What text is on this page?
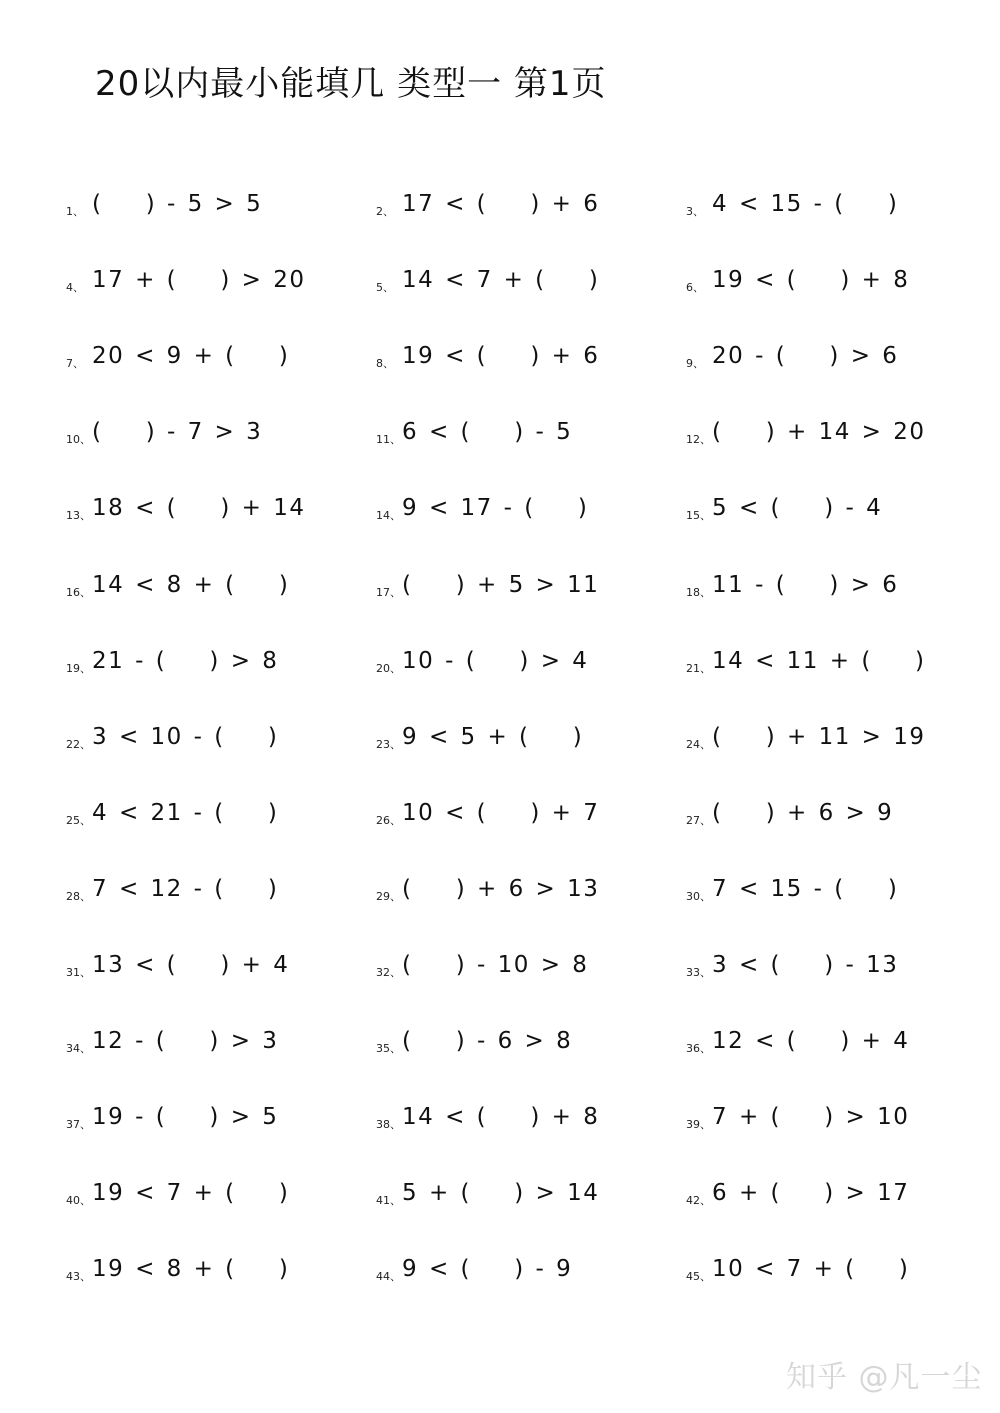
20以内最小能填几 类型一 第1页
1、 (    ) - 5 > 5	2、 17 < (    ) + 6	3、 4 < 15 - (    )
4、 17 + (    ) > 20	5、 14 < 7 + (    )	6、 19 < (    ) + 8
7、 20 < 9 + (    )	8、 19 < (    ) + 6	9、 20 - (    ) > 6
10、 (    ) - 7 > 3	11、 6 < (    ) - 5	12、 (    ) + 14 > 20
13、 18 < (    ) + 14	14、 9 < 17 - (    )	15、 5 < (    ) - 4
16、 14 < 8 + (    )	17、 (    ) + 5 > 11	18、 11 - (    ) > 6
19、 21 - (    ) > 8	20、 10 - (    ) > 4	21、 14 < 11 + (    )
22、 3 < 10 - (    )	23、 9 < 5 + (    )	24、 (    ) + 11 > 19
25、 4 < 21 - (    )	26、 10 < (    ) + 7	27、 (    ) + 6 > 9
28、 7 < 12 - (    )	29、 (    ) + 6 > 13	30、 7 < 15 - (    )
31、 13 < (    ) + 4	32、 (    ) - 10 > 8	33、 3 < (    ) - 13
34、 12 - (    ) > 3	35、 (    ) - 6 > 8	36、 12 < (    ) + 4
37、 19 - (    ) > 5	38、 14 < (    ) + 8	39、 7 + (    ) > 10
40、 19 < 7 + (    )	41、 5 + (    ) > 14	42、 6 + (    ) > 17
43、 19 < 8 + (    )	44、 9 < (    ) - 9	45、 10 < 7 + (    )
知乎 @凡一尘
